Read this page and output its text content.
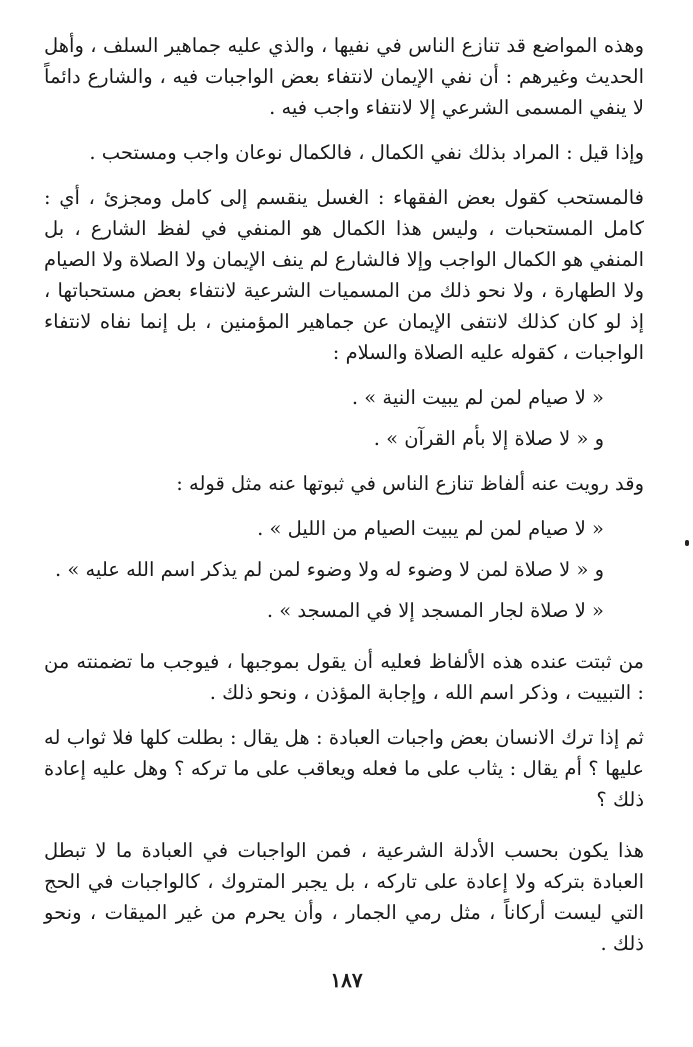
وهذه المواضع قد تنازع الناس في نفيها ، والذي عليه جماهير السلف ، وأهل الحديث وغيرهم : أن نفي الإيمان لانتفاء بعض الواجبات فيه ، والشارع دائماً لا ينفي المسمى الشرعي إلا لانتفاء واجب فيه .

وإذا قيل : المراد بذلك نفي الكمال ، فالكمال نوعان واجب ومستحب .

فالمستحب كقول بعض الفقهاء : الغسل ينقسم إلى كامل ومجزئ ، أي : كامل المستحبات ، وليس هذا الكمال هو المنفي في لفظ الشارع ، بل المنفي هو الكمال الواجب وإلا فالشارع لم ينف الإيمان ولا الصلاة ولا الصيام ولا الطهارة ، ولا نحو ذلك من المسميات الشرعية لانتفاء بعض مستحباتها ، إذ لو كان كذلك لانتفى الإيمان عن جماهير المؤمنين ، بل إنما نفاه لانتفاء الواجبات ، كقوله عليه الصلاة والسلام :

« لا صيام لمن لم يبيت النية » .

و « لا صلاة إلا بأم القرآن » .

وقد رويت عنه ألفاظ تنازع الناس في ثبوتها عنه مثل قوله :

« لا صيام لمن لم يبيت الصيام من الليل » .

و « لا صلاة لمن لا وضوء له ولا وضوء لمن لم يذكر اسم الله عليه » .

« لا صلاة لجار المسجد إلا في المسجد » .

من ثبتت عنده هذه الألفاظ فعليه أن يقول بموجبها ، فيوجب ما تضمنته من : التبييت ، وذكر اسم الله ، وإجابة المؤذن ، ونحو ذلك .

ثم إذا ترك الانسان بعض واجبات العبادة : هل يقال : بطلت كلها فلا ثواب له عليها ؟ أم يقال : يثاب على ما فعله ويعاقب على ما تركه ؟ وهل عليه إعادة ذلك ؟

هذا يكون بحسب الأدلة الشرعية ، فمن الواجبات في العبادة ما لا تبطل العبادة بتركه ولا إعادة على تاركه ، بل يجبر المتروك ، كالواجبات في الحج التي ليست أركاناً ، مثل رمي الجمار ، وأن يحرم من غير الميقات ، ونحو ذلك .

١٨٧
